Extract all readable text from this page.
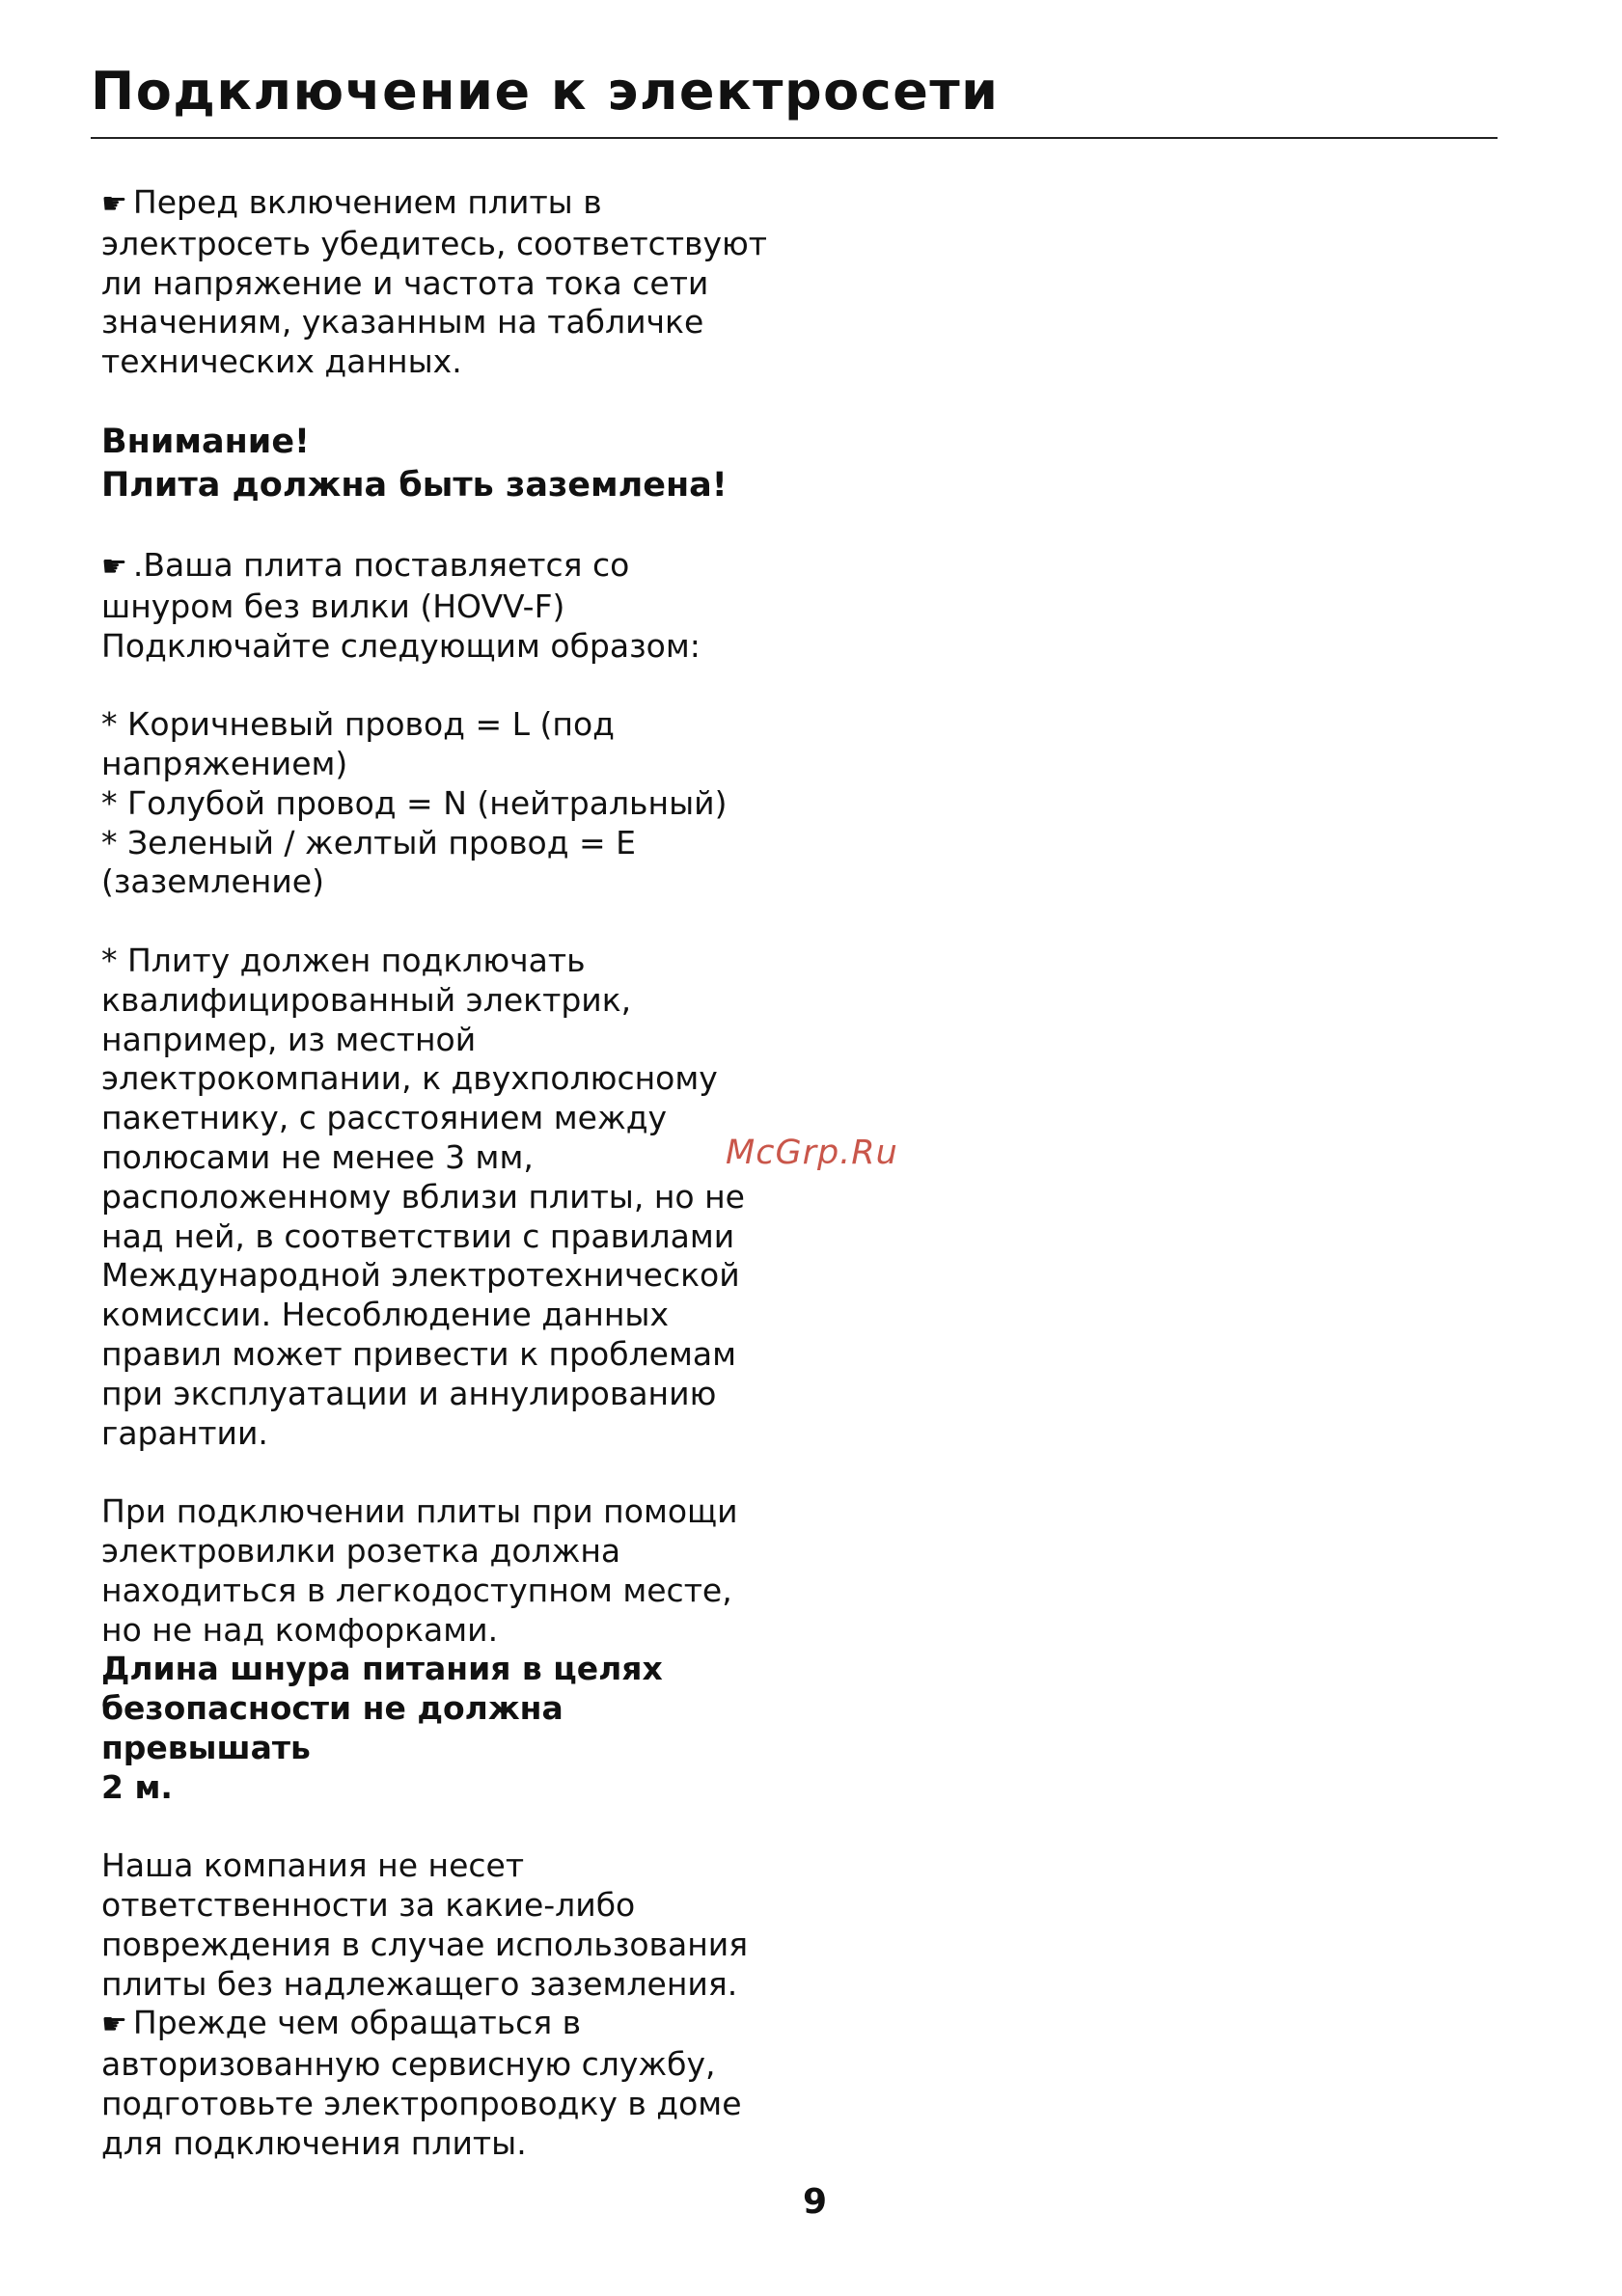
Подключение к электросети

☛ Перед включением плиты в
электросеть убедитесь, соответствуют
ли напряжение и частота тока сети
значениям, указанным на табличке
технических данных.

Внимание!
Плита должна быть заземлена!

☛ .Ваша плита поставляется со
шнуром без вилки (HOVV-F)
Подключайте следующим образом:

* Коричневый провод = L (под
напряжением)

* Голубой провод = N (нейтральный)

* Зеленый / желтый провод = E
(заземление)

* Плиту должен подключать
квалифицированный электрик,
например, из местной
электрокомпании, к двухполюсному
пакетнику, с расстоянием между
полюсами не менее 3 мм,
расположенному вблизи плиты, но не
над ней, в соответствии с правилами
Международной электротехнической
комиссии. Несоблюдение данных
правил может привести к проблемам
при эксплуатации и аннулированию
гарантии.

При подключении плиты при помощи
электровилки розетка должна
находиться в легкодоступном месте,
но не над комфорками.

Длина шнура питания в целях
безопасности не должна превышать
2 м.

Наша компания не несет
ответственности за какие-либо
повреждения в случае использования
плиты без надлежащего заземления.

☛ Прежде чем обращаться в
авторизованную сервисную службу,
подготовьте электропроводку в доме
для подключения плиты.

McGrp.Ru
9
